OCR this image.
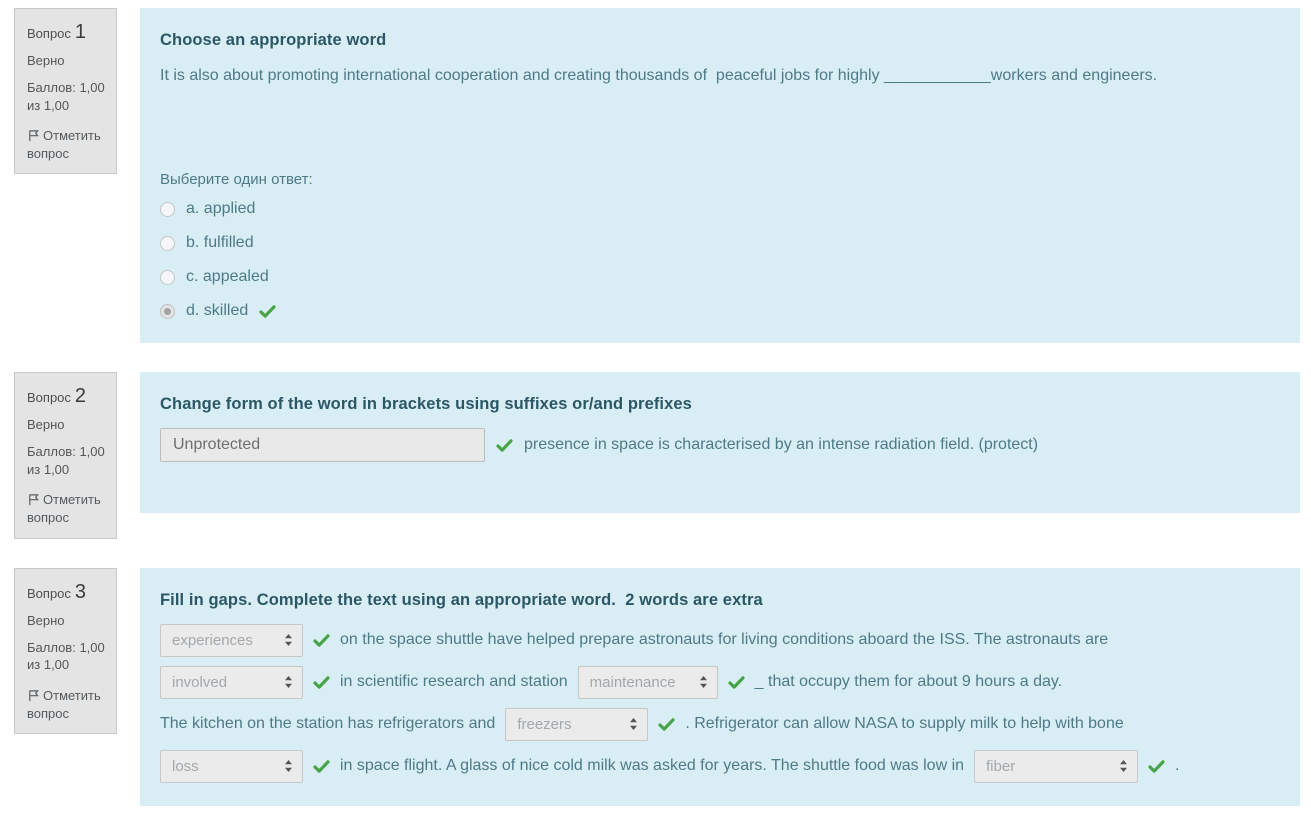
Вопрос 1
Верно
Баллов: 1,00 из 1,00
Отметить вопрос
Choose an appropriate word
It is also about promoting international cooperation and creating thousands of  peaceful jobs for highly ____________workers and engineers.
Выберите один ответ:
a. applied
b. fulfilled
c. appealed
d. skilled
Вопрос 2
Верно
Баллов: 1,00 из 1,00
Отметить вопрос
Change form of the word in brackets using suffixes or/and prefixes
Unprotected
presence in space is characterised by an intense radiation field. (protect)
Вопрос 3
Верно
Баллов: 1,00 из 1,00
Отметить вопрос
Fill in gaps. Complete the text using an appropriate word.  2 words are extra
experiences	on the space shuttle have helped prepare astronauts for living conditions aboard the ISS. The astronauts are
involved	in scientific research and station maintenance	_ that occupy them for about 9 hours a day.
The kitchen on the station has refrigerators and freezers	. Refrigerator can allow NASA to supply milk to help with bone
loss	in space flight. A glass of nice cold milk was asked for years. The shuttle food was low in fiber	.
